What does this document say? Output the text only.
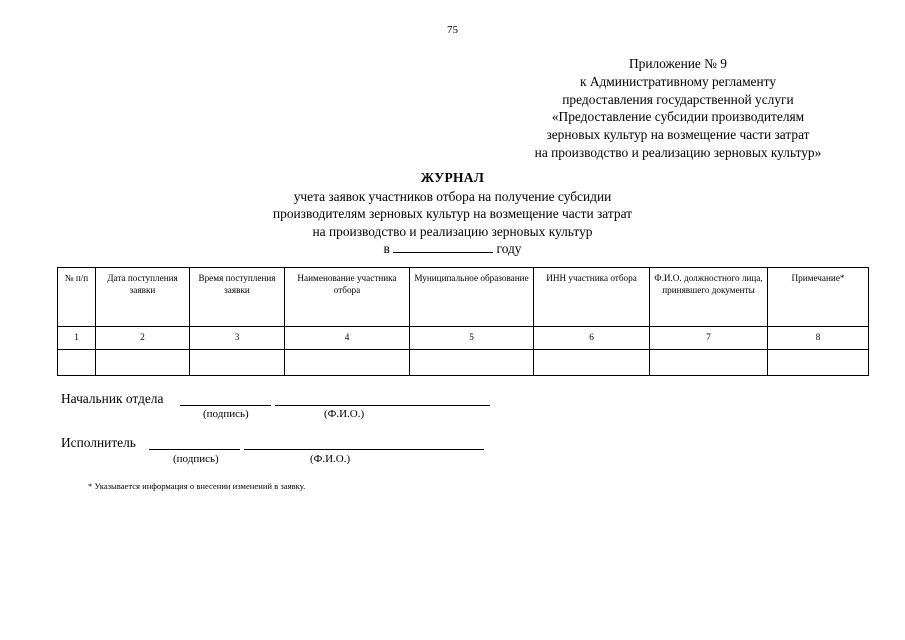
75
Приложение № 9
к Административному регламенту
предоставления государственной услуги
«Предоставление субсидии производителям
зерновых культур на возмещение части затрат
на производство и реализацию зерновых культур»
ЖУРНАЛ
учета заявок участников отбора на получение субсидии
производителям зерновых культур на возмещение части затрат
на производство и реализацию зерновых культур
в	году
№ п/п	Дата поступления заявки	Время поступления заявки	Наименование участника отбора	Муниципальное образование	ИНН участника отбора	Ф.И.О. должностного лица, принявшего документы	Примечание*
1	2	3	4	5	6	7	8

Начальник отдела
(подпись)	(Ф.И.О.)
Исполнитель
(подпись)	(Ф.И.О.)
* Указывается информация о внесении изменений в заявку.
